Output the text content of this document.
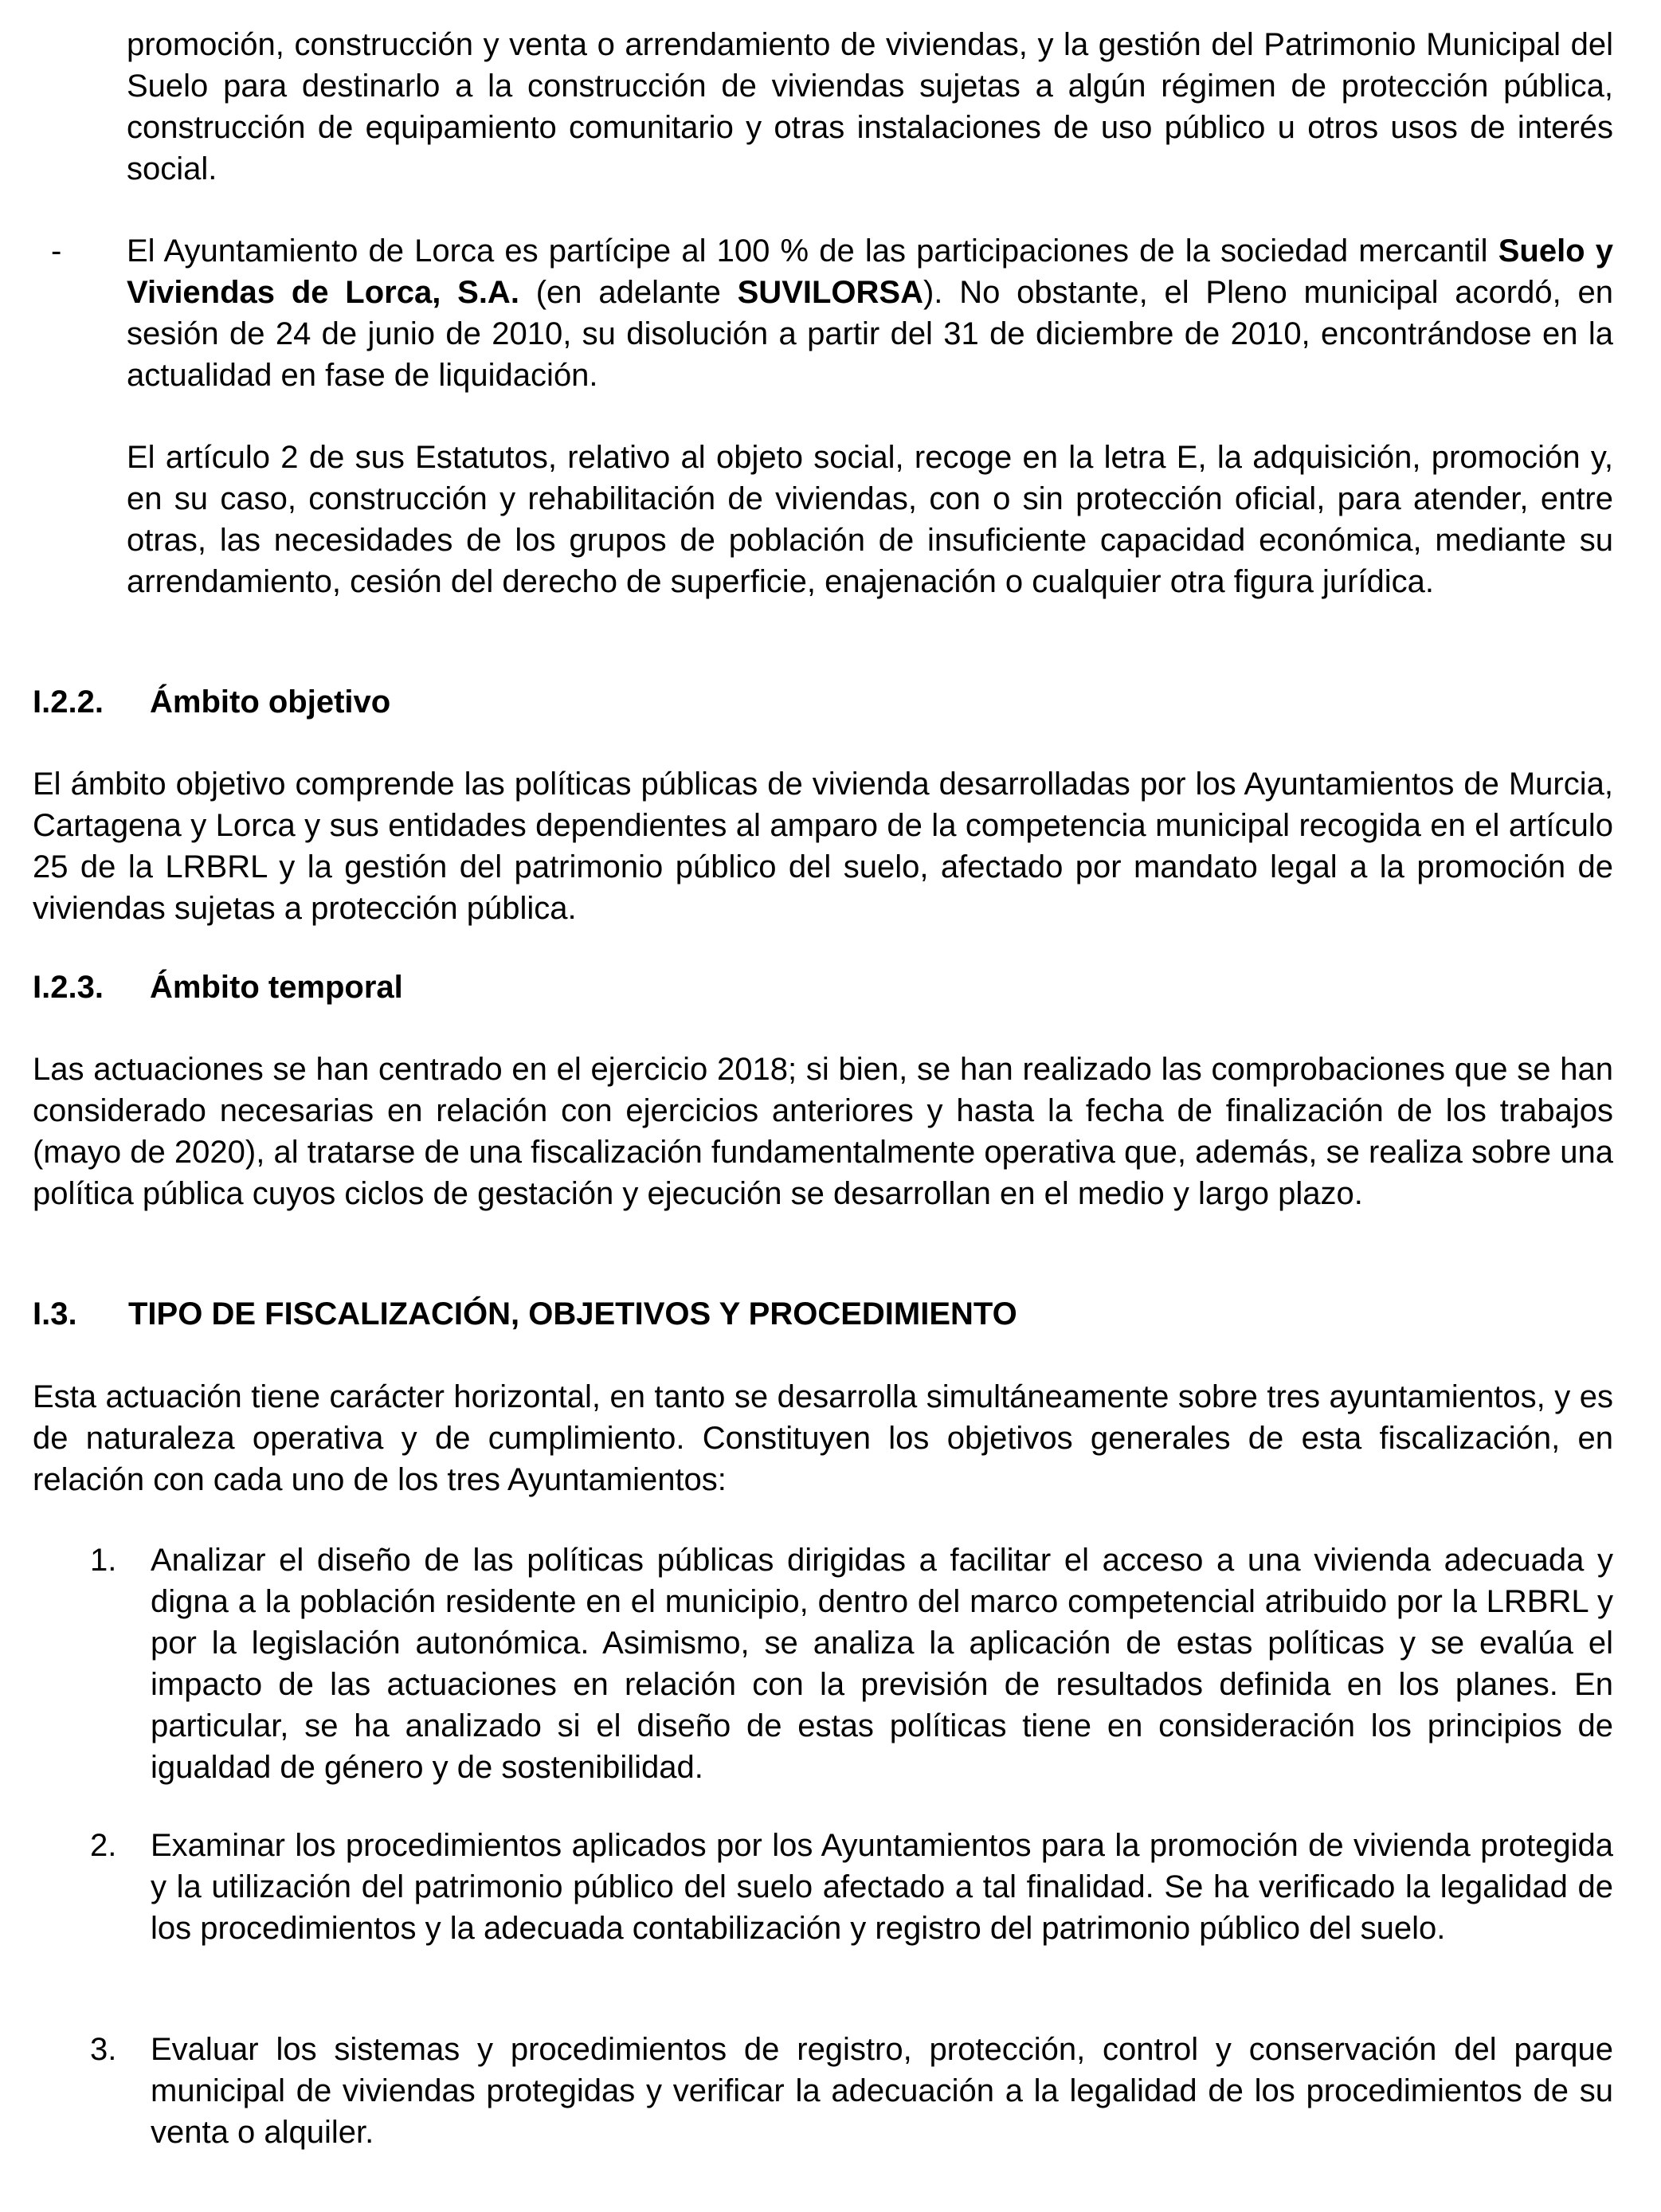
promoción, construcción y venta o arrendamiento de viviendas, y la gestión del Patrimonio Municipal del Suelo para destinarlo a la construcción de viviendas sujetas a algún régimen de protección pública, construcción de equipamiento comunitario y otras instalaciones de uso público u otros usos de interés social.

- El Ayuntamiento de Lorca es partícipe al 100 % de las participaciones de la sociedad mercantil Suelo y Viviendas de Lorca, S.A. (en adelante SUVILORSA). No obstante, el Pleno municipal acordó, en sesión de 24 de junio de 2010, su disolución a partir del 31 de diciembre de 2010, encontrándose en la actualidad en fase de liquidación.

El artículo 2 de sus Estatutos, relativo al objeto social, recoge en la letra E, la adquisición, promoción y, en su caso, construcción y rehabilitación de viviendas, con o sin protección oficial, para atender, entre otras, las necesidades de los grupos de población de insuficiente capacidad económica, mediante su arrendamiento, cesión del derecho de superficie, enajenación o cualquier otra figura jurídica.

I.2.2. Ámbito objetivo

El ámbito objetivo comprende las políticas públicas de vivienda desarrolladas por los Ayuntamientos de Murcia, Cartagena y Lorca y sus entidades dependientes al amparo de la competencia municipal recogida en el artículo 25 de la LRBRL y la gestión del patrimonio público del suelo, afectado por mandato legal a la promoción de viviendas sujetas a protección pública.

I.2.3. Ámbito temporal

Las actuaciones se han centrado en el ejercicio 2018; si bien, se han realizado las comprobaciones que se han considerado necesarias en relación con ejercicios anteriores y hasta la fecha de finalización de los trabajos (mayo de 2020), al tratarse de una fiscalización fundamentalmente operativa que, además, se realiza sobre una política pública cuyos ciclos de gestación y ejecución se desarrollan en el medio y largo plazo.

I.3. TIPO DE FISCALIZACIÓN, OBJETIVOS Y PROCEDIMIENTO

Esta actuación tiene carácter horizontal, en tanto se desarrolla simultáneamente sobre tres ayuntamientos, y es de naturaleza operativa y de cumplimiento. Constituyen los objetivos generales de esta fiscalización, en relación con cada uno de los tres Ayuntamientos:

1. Analizar el diseño de las políticas públicas dirigidas a facilitar el acceso a una vivienda adecuada y digna a la población residente en el municipio, dentro del marco competencial atribuido por la LRBRL y por la legislación autonómica. Asimismo, se analiza la aplicación de estas políticas y se evalúa el impacto de las actuaciones en relación con la previsión de resultados definida en los planes. En particular, se ha analizado si el diseño de estas políticas tiene en consideración los principios de igualdad de género y de sostenibilidad.

2. Examinar los procedimientos aplicados por los Ayuntamientos para la promoción de vivienda protegida y la utilización del patrimonio público del suelo afectado a tal finalidad. Se ha verificado la legalidad de los procedimientos y la adecuada contabilización y registro del patrimonio público del suelo.

3. Evaluar los sistemas y procedimientos de registro, protección, control y conservación del parque municipal de viviendas protegidas y verificar la adecuación a la legalidad de los procedimientos de su venta o alquiler.
